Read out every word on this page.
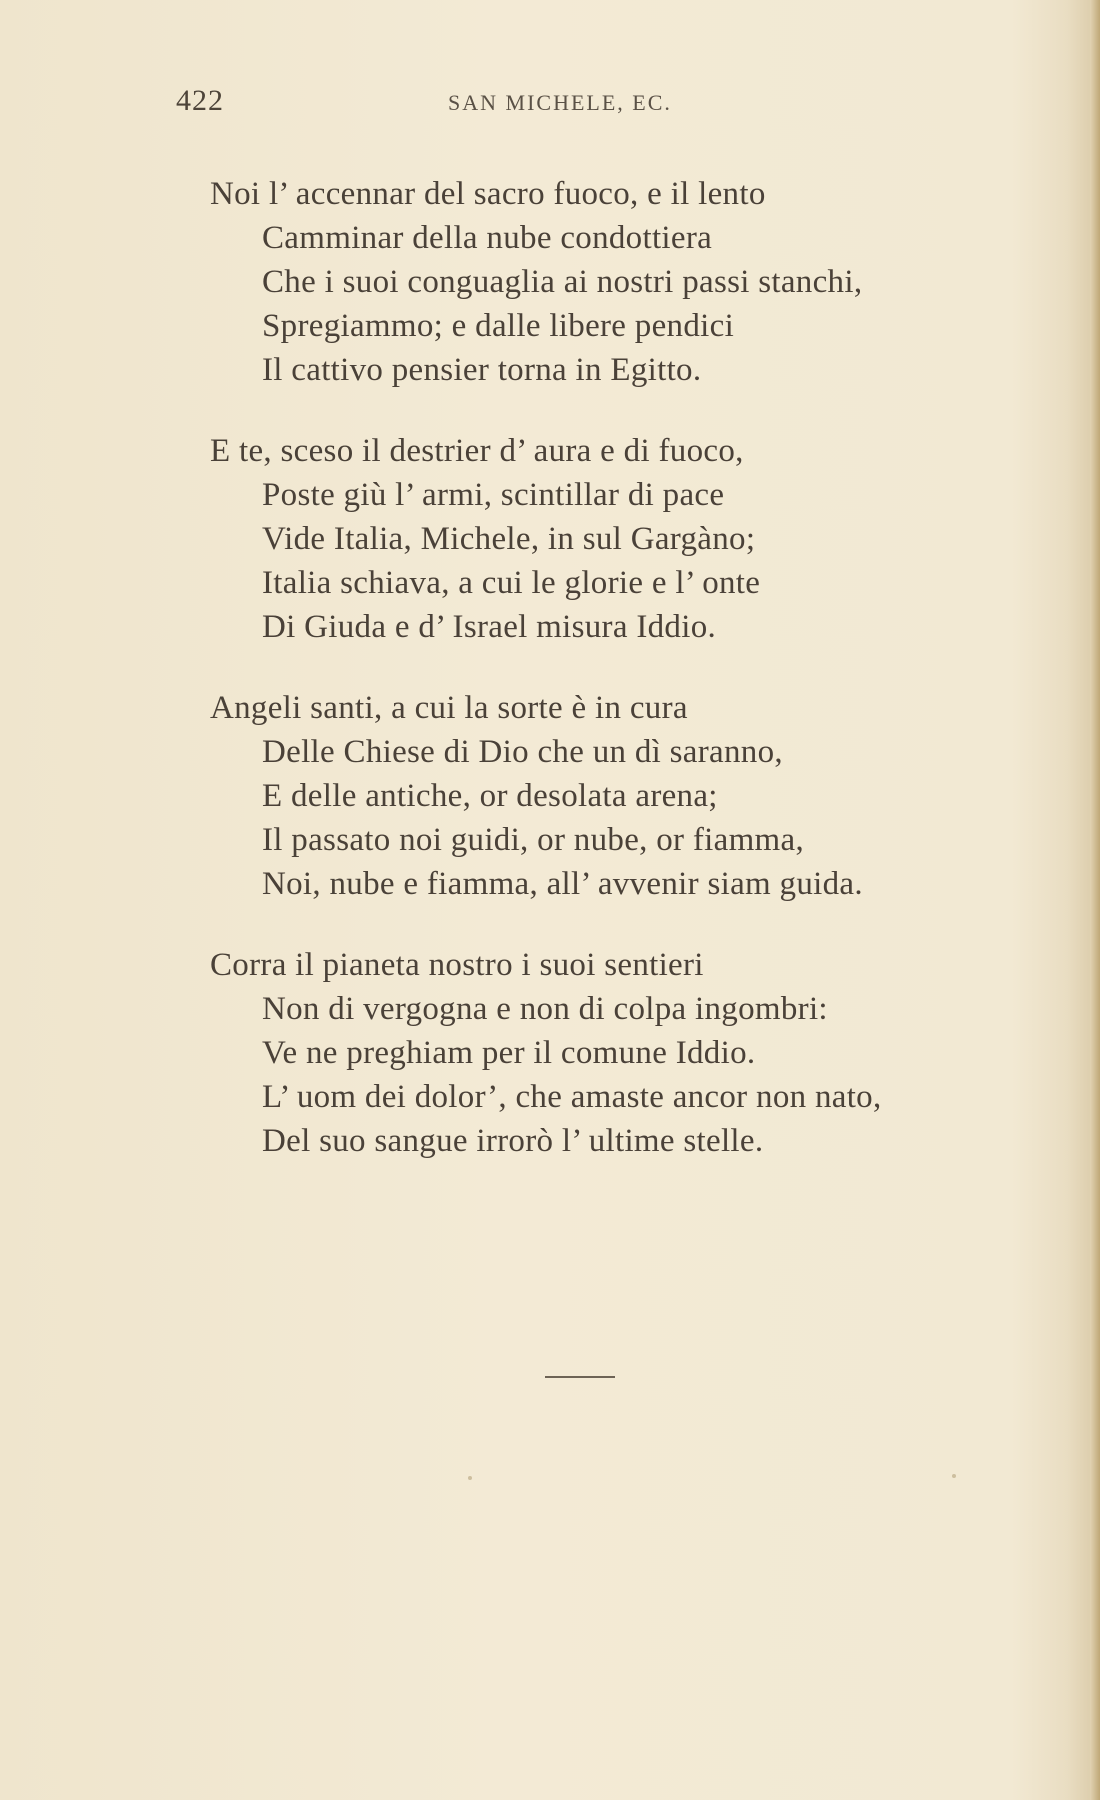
422	SAN MICHELE, EC.
Noi l’ accennar del sacro fuoco, e il lento
Camminar della nube condottiera
Che i suoi conguaglia ai nostri passi stanchi,
Spregiammo; e dalle libere pendici
Il cattivo pensier torna in Egitto.
E te, sceso il destrier d’ aura e di fuoco,
Poste giù l’ armi, scintillar di pace
Vide Italia, Michele, in sul Gargàno;
Italia schiava, a cui le glorie e l’ onte
Di Giuda e d’ Israel misura Iddio.
Angeli santi, a cui la sorte è in cura
Delle Chiese di Dio che un dì saranno,
E delle antiche, or desolata arena;
Il passato noi guidi, or nube, or fiamma,
Noi, nube e fiamma, all’ avvenir siam guida.
Corra il pianeta nostro i suoi sentieri
Non di vergogna e non di colpa ingombri:
Ve ne preghiam per il comune Iddio.
L’ uom dei dolor’, che amaste ancor non nato,
Del suo sangue irrorò l’ ultime stelle.
